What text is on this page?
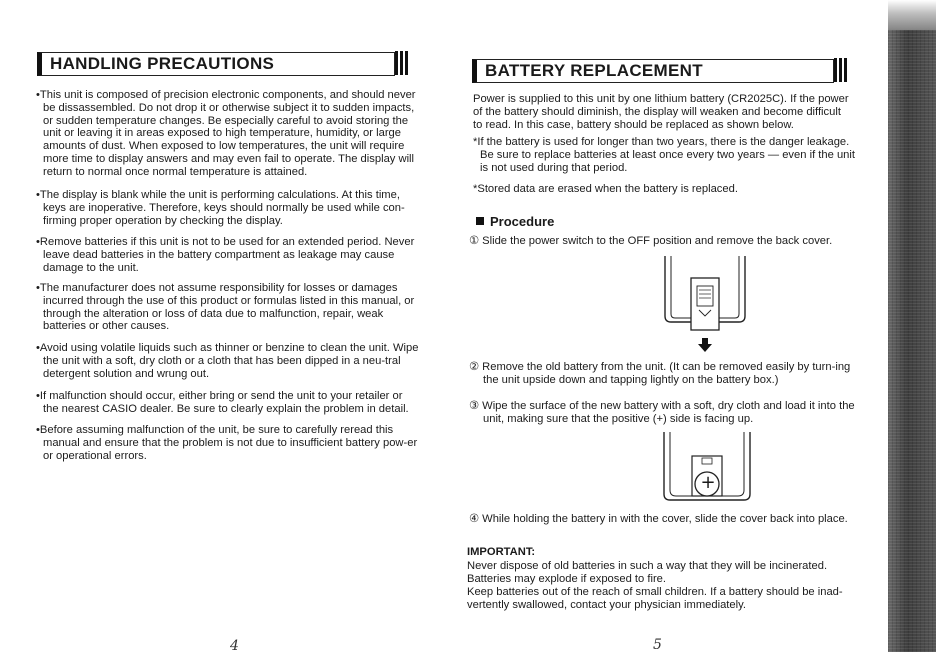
HANDLING PRECAUTIONS

•This unit is composed of precision electronic components, and should never be dissassembled. Do not drop it or otherwise subject it to sudden impacts, or sudden temperature changes. Be especially careful to avoid storing the unit or leaving it in areas exposed to high temperature, humidity, or large amounts of dust. When exposed to low temperatures, the unit will require more time to display answers and may even fail to operate. The display will return to normal once normal temperature is attained.

•The display is blank while the unit is performing calculations. At this time, keys are inoperative. Therefore, keys should normally be used while con-firming proper operation by checking the display.

•Remove batteries if this unit is not to be used for an extended period. Never leave dead batteries in the battery compartment as leakage may cause damage to the unit.

•The manufacturer does not assume responsibility for losses or damages incurred through the use of this product or formulas listed in this manual, or through the alteration or loss of data due to malfunction, repair, weak batteries or other causes.

•Avoid using volatile liquids such as thinner or benzine to clean the unit. Wipe the unit with a soft, dry cloth or a cloth that has been dipped in a neu-tral detergent solution and wrung out.

•If malfunction should occur, either bring or send the unit to your retailer or the nearest CASIO dealer. Be sure to clearly explain the problem in detail.

•Before assuming malfunction of the unit, be sure to carefully reread this manual and ensure that the problem is not due to insufficient battery pow-er or operational errors.

4
BATTERY REPLACEMENT

Power is supplied to this unit by one lithium battery (CR2025C). If the power of the battery should diminish, the display will weaken and become difficult to read. In this case, battery should be replaced as shown below.

*If the battery is used for longer than two years, there is the danger leakage. Be sure to replace batteries at least once every two years — even if the unit is not used during that period.

*Stored data are erased when the battery is replaced.

Procedure

① Slide the power switch to the OFF position and remove the back cover.

② Remove the old battery from the unit. (It can be removed easily by turn-ing the unit upside down and tapping lightly on the battery box.)

③ Wipe the surface of the new battery with a soft, dry cloth and load it into the unit, making sure that the positive (+) side is facing up.

+

④ While holding the battery in with the cover, slide the cover back into place.

IMPORTANT:

Never dispose of old batteries in such a way that they will be incinerated. Batteries may explode if exposed to fire.

Keep batteries out of the reach of small children. If a battery should be inad-vertently swallowed, contact your physician immediately.

5
